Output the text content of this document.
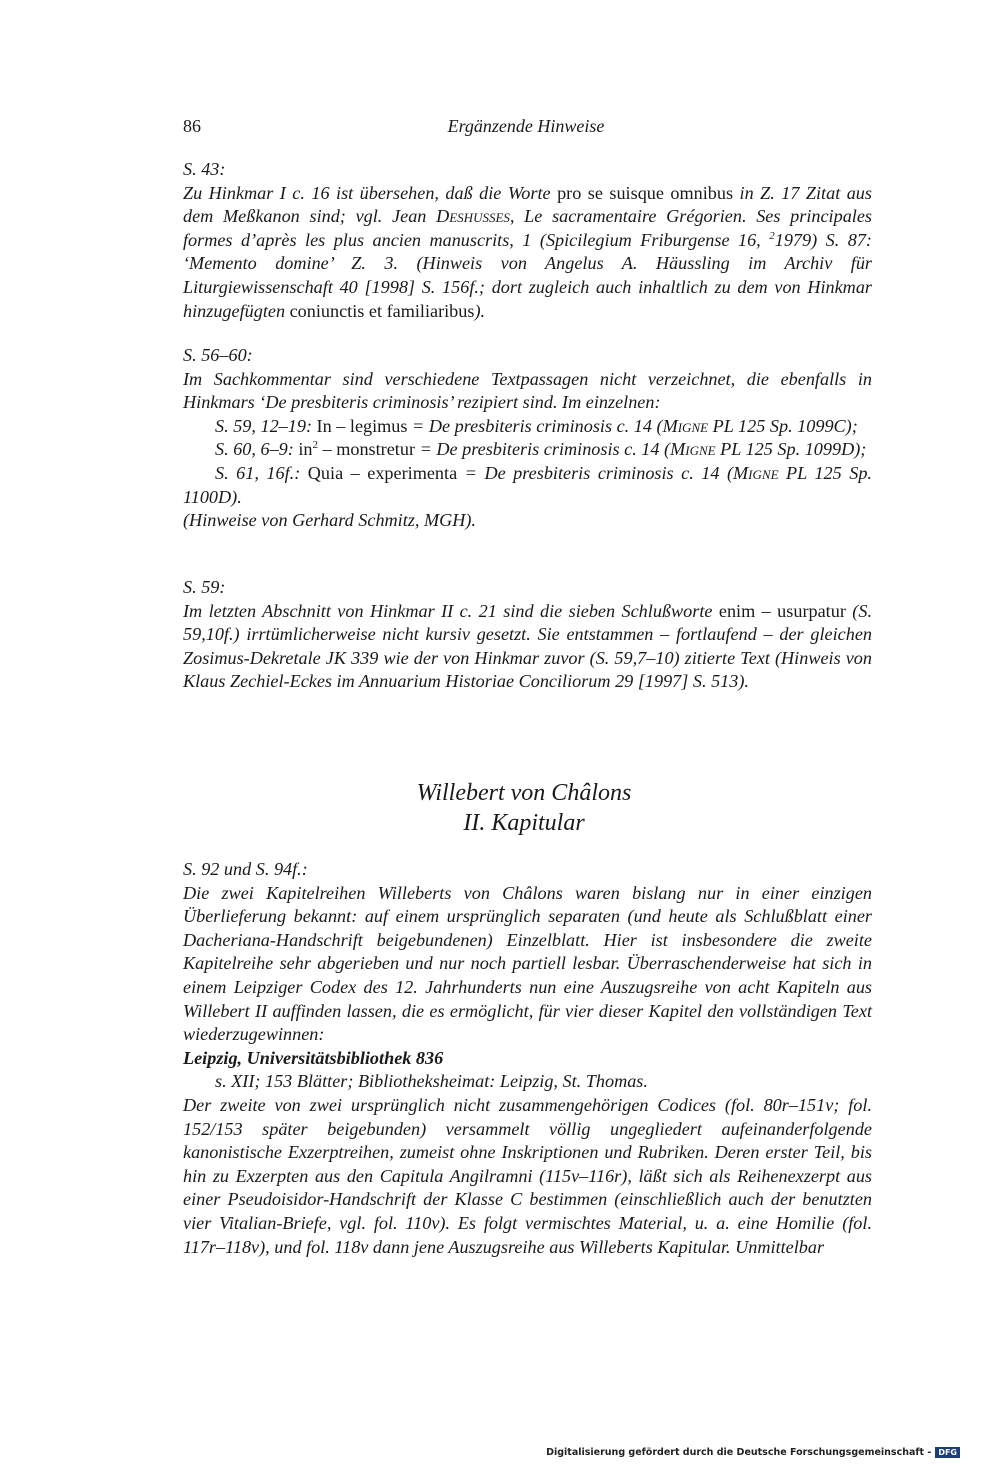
86	Ergänzende Hinweise

S. 43:

Zu Hinkmar I c. 16 ist übersehen, daß die Worte pro se suisque omnibus in Z. 17 Zitat aus dem Meßkanon sind; vgl. Jean Deshusses, Le sacramentaire Grégorien. Ses principales formes d’après les plus ancien manuscrits, 1 (Spicilegium Friburgense 16, $^2$1979) S. 87: ‘Memento domine’ Z. 3. (Hinweis von Angelus A. Häussling im Archiv für Liturgiewissenschaft 40 [1998] S. 156f.; dort zugleich auch inhaltlich zu dem von Hinkmar hinzugefügten coniunctis et familiaribus).

S. 56–60:

Im Sachkommentar sind verschiedene Textpassagen nicht verzeichnet, die ebenfalls in Hinkmars ‘De presbiteris criminosis’ rezipiert sind. Im einzelnen:

S. 59, 12–19: In – legimus = De presbiteris criminosis c. 14 (Migne PL 125 Sp. 1099C);

S. 60, 6–9: $in^2$ – monstretur = De presbiteris criminosis c. 14 (Migne PL 125 Sp. 1099D);

S. 61, 16f.: Quia – experimenta = De presbiteris criminosis c. 14 (Migne PL 125 Sp. 1100D).

(Hinweise von Gerhard Schmitz, MGH).

S. 59:

Im letzten Abschnitt von Hinkmar II c. 21 sind die sieben Schlußworte enim – usurpatur (S. 59,10f.) irrtümlicherweise nicht kursiv gesetzt. Sie entstammen – fortlaufend – der gleichen Zosimus-Dekretale JK 339 wie der von Hinkmar zuvor (S. 59,7–10) zitierte Text (Hinweis von Klaus Zechiel-Eckes im Annuarium Historiae Conciliorum 29 [1997] S. 513).

Willebert von Châlons
II. Kapitular

S. 92 und S. 94f.:

Die zwei Kapitelreihen Willeberts von Châlons waren bislang nur in einer einzigen Überlieferung bekannt: auf einem ursprünglich separaten (und heute als Schlußblatt einer Dacheriana-Handschrift beigebundenen) Einzelblatt. Hier ist insbesondere die zweite Kapitelreihe sehr abgerieben und nur noch partiell lesbar. Überraschenderweise hat sich in einem Leipziger Codex des 12. Jahrhunderts nun eine Auszugsreihe von acht Kapiteln aus Willebert II auffinden lassen, die es ermöglicht, für vier dieser Kapitel den vollständigen Text wiederzugewinnen:

Leipzig, Universitätsbibliothek 836

s. XII; 153 Blätter; Bibliotheksheimat: Leipzig, St. Thomas.

Der zweite von zwei ursprünglich nicht zusammengehörigen Codices (fol. 80r–151v; fol. 152/153 später beigebunden) versammelt völlig ungegliedert aufeinanderfolgende kanonistische Exzerptreihen, zumeist ohne Inskriptionen und Rubriken. Deren erster Teil, bis hin zu Exzerpten aus den Capitula Angilramni (115v–116r), läßt sich als Reihenexzerpt aus einer Pseudoisidor-Handschrift der Klasse C bestimmen (einschließlich auch der benutzten vier Vitalian-Briefe, vgl. fol. 110v). Es folgt vermischtes Material, u. a. eine Homilie (fol. 117r–118v), und fol. 118v dann jene Auszugsreihe aus Willeberts Kapitular. Unmittelbar

Digitalisierung gefördert durch die Deutsche Forschungsgemeinschaft - DFG
